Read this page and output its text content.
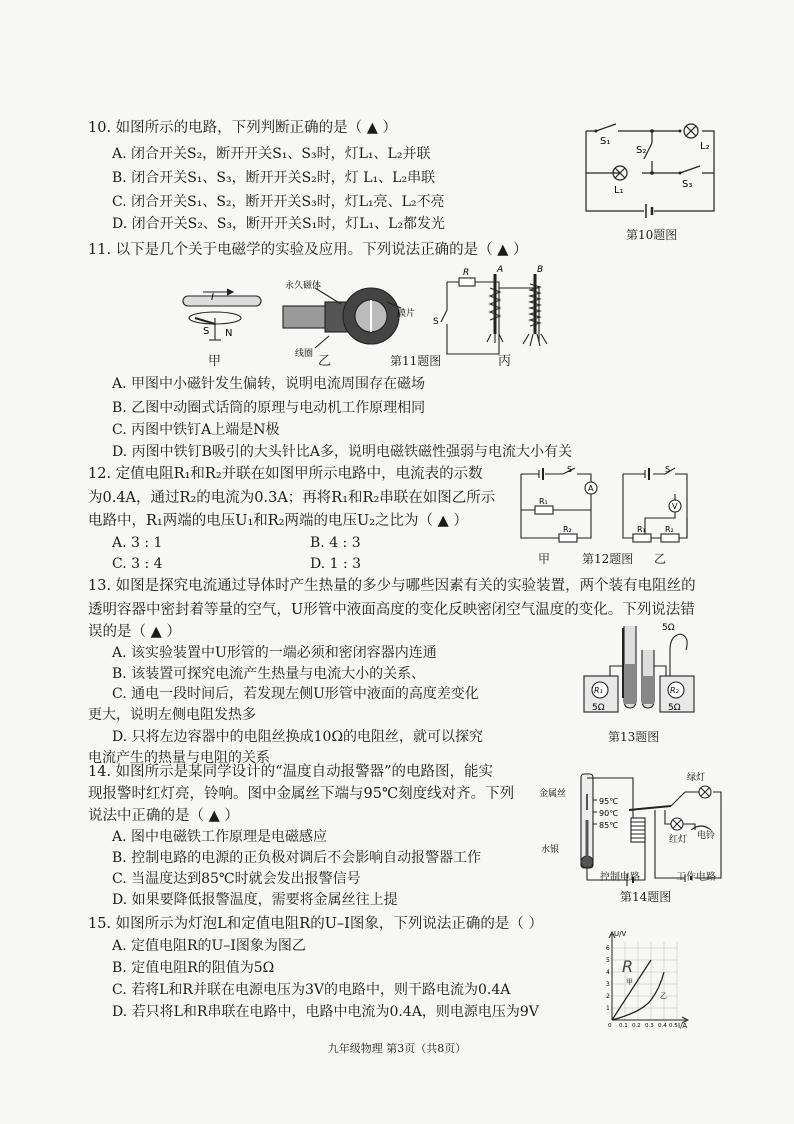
10. 如图所示的电路，下列判断正确的是（ ▲ ）
A. 闭合开关S₂，断开开关S₁、S₃时，灯L₁、L₂并联
B. 闭合开关S₁、S₃，断开开关S₂时，灯 L₁、L₂串联
C. 闭合开关S₁、S₂，断开开关S₃时，灯L₁亮、L₂不亮
D. 闭合开关S₂、S₃，断开开关S₁时，灯L₁、L₂都发光
S₁
S₂
S₃
L₁
L₂
第10题图
11. 以下是几个关于电磁学的实验及应用。下列说法正确的是（ ▲ ）
I
S N
永久磁体
膜片
线圈
R
S
A	B
甲	乙	第11题图	丙
A. 甲图中小磁针发生偏转，说明电流周围存在磁场
B. 乙图中动圈式话筒的原理与电动机工作原理相同
C. 丙图中铁钉A上端是N极
D. 丙图中铁钉B吸引的大头针比A多，说明电磁铁磁性强弱与电流大小有关
12. 定值电阻R₁和R₂并联在如图甲所示电路中，电流表的示数
为0.4A，通过R₂的电流为0.3A；再将R₁和R₂串联在如图乙所示
电路中，R₁两端的电压U₁和R₂两端的电压U₂之比为（ ▲ ）
A. 3 : 1	B. 4 : 3
C. 3 : 4	D. 1 : 3
S
A
R₁
R₂
S
V
R₁ R₂
甲	第12题图 乙
13. 如图是探究电流通过导体时产生热量的多少与哪些因素有关的实验装置，两个装有电阻丝的
透明容器中密封着等量的空气，U形管中液面高度的变化反映密闭空气温度的变化。下列说法错
误的是（ ▲ ）
A. 该实验装置中U形管的一端必须和密闭容器内连通
B. 该装置可探究电流产生热量与电流大小的关系、
C. 通电一段时间后，若发现左侧U形管中液面的高度差变化
更大，说明左侧电阻发热多
D. 只将左边容器中的电阻丝换成10Ω的电阻丝，就可以探究
电流产生的热量与电阻的关系
5Ω
R₁	R₂
5Ω	5Ω
第13题图
14. 如图所示是某同学设计的“温度自动报警器”的电路图，能实
现报警时红灯亮，铃响。图中金属丝下端与95℃刻度线对齐。下列
说法中正确的是（ ▲ ）
A. 图中电磁铁工作原理是电磁感应
B. 控制电路的电源的正负极对调后不会影响自动报警器工作
C. 当温度达到85℃时就会发出报警信号
D. 如果要降低报警温度，需要将金属丝往上提
金属丝
水银
95℃
90℃
85℃
绿灯
红灯 电铃
控制电路	工作电路
第14题图
15. 如图所示为灯泡L和定值电阻R的U–I图象，下列说法正确的是（ ）
A. 定值电阻R的U–I图象为图乙
B. 定值电阻R的阻值为5Ω
C. 若将L和R并联在电源电压为3V的电路中，则干路电流为0.4A
D. 若只将L和R串联在电路中，电路中电流为0.4A，则电源电压为9V
U/V
I/A
6
5
4
3
2
1
0 0.1 0.2 0.3 0.4 0.5
R
甲
乙
九年级物理 第3页（共8页）
